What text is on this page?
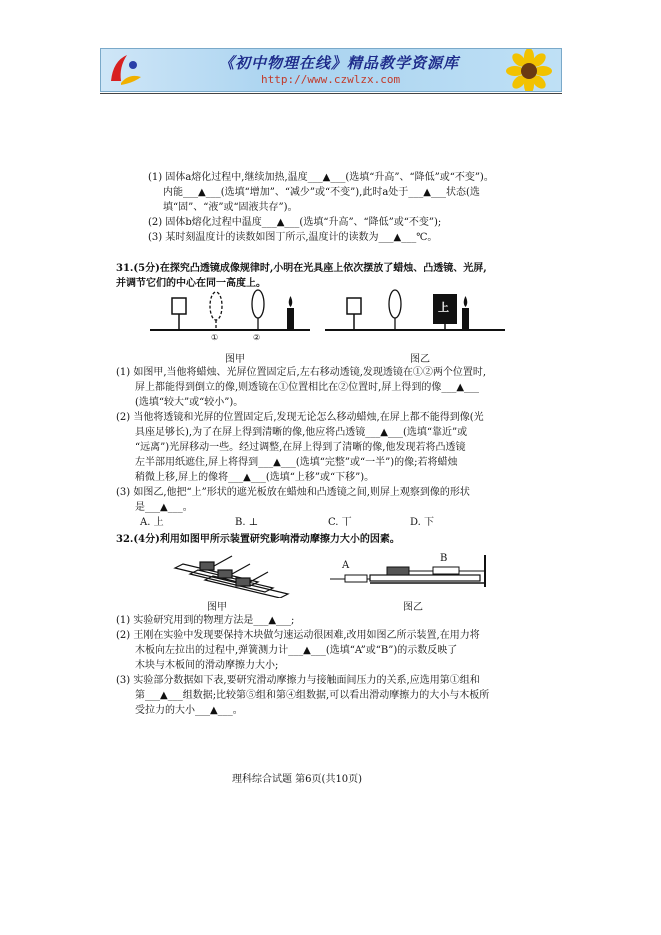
《初中物理在线》精品教学资源库
http://www.czwlzx.com
(1) 固体a熔化过程中,继续加热,温度___▲___(选填“升高”、“降低”或“不变”)。
内能___▲___(选填“增加”、“减少”或“不变”),此时a处于___▲___状态(选
填“固”、“液”或“固液共存”)。
(2) 固体b熔化过程中温度___▲___(选填“升高”、“降低”或“不变”);
(3) 某时刻温度计的读数如图丁所示,温度计的读数为___▲___℃。
31.(5分)在探究凸透镜成像规律时,小明在光具座上依次摆放了蜡烛、凸透镜、光屏,
并调节它们的中心在同一高度上。
①	②
图甲
上
图乙
(1) 如图甲,当他将蜡烛、光屏位置固定后,左右移动透镜,发现透镜在①②两个位置时,
屏上都能得到倒立的像,则透镜在①位置相比在②位置时,屏上得到的像___▲___
(选填“较大”或“较小”)。
(2) 当他将透镜和光屏的位置固定后,发现无论怎么移动蜡烛,在屏上都不能得到像(光
具座足够长),为了在屏上得到清晰的像,他应将凸透镜___▲___(选填“靠近”或
“远离”)光屏移动一些。经过调整,在屏上得到了清晰的像,他发现若将凸透镜
左半部用纸遮住,屏上将得到___▲___(选填“完整”或“一半”)的像;若将蜡烛
稍微上移,屏上的像将___▲___(选填“上移”或“下移”)。
(3) 如图乙,他把“上”形状的遮光板放在蜡烛和凸透镜之间,则屏上观察到像的形状
是___▲___。
A. 上	B. ⊥	C. 丅	D. 下
32.(4分)利用如图甲所示装置研究影响滑动摩擦力大小的因素。
图甲
A
B
图乙
(1) 实验研究用到的物理方法是___▲___;
(2) 王刚在实验中发现要保持木块做匀速运动很困难,改用如图乙所示装置,在用力将
木板向左拉出的过程中,弹簧测力计___▲___(选填“A”或“B”)的示数反映了
木块与木板间的滑动摩擦力大小;
(3) 实验部分数据如下表,要研究滑动摩擦力与接触面间压力的关系,应选用第①组和
第___▲___组数据;比较第⑤组和第④组数据,可以看出滑动摩擦力的大小与木板所
受拉力的大小___▲___。
理科综合试题 第6页(共10页)
